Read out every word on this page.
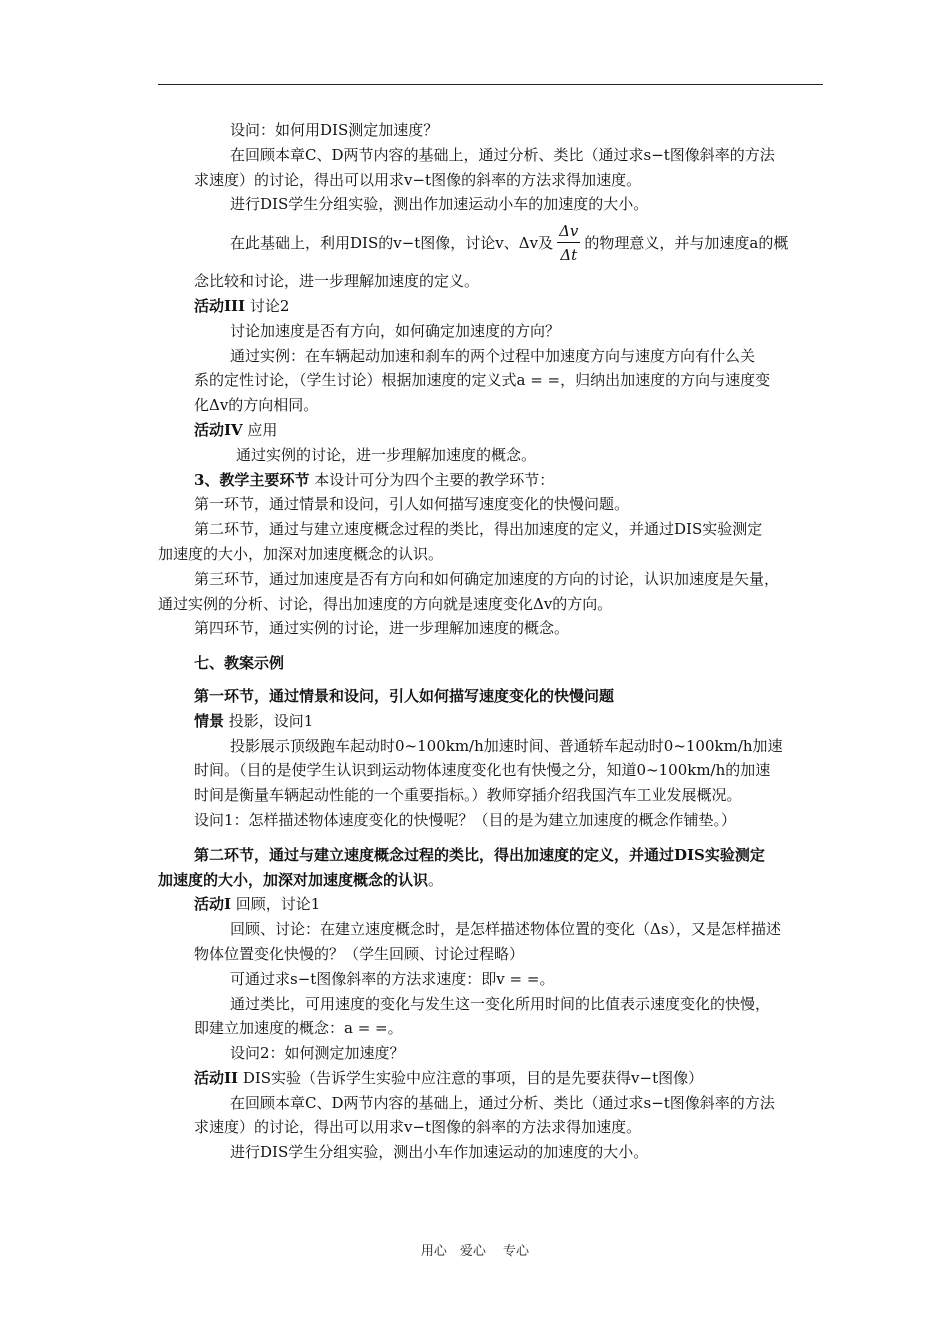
设问：如何用DIS测定加速度？

在回顾本章C、D两节内容的基础上，通过分析、类比（通过求s−t图像斜率的方法

求速度）的讨论，得出可以用求v−t图像的斜率的方法求得加速度。

进行DIS学生分组实验，测出作加速运动小车的加速度的大小。

在此基础上，利用DIS的v−t图像，讨论v、Δv及 $\frac{\Delta v}{\Delta t}$ 的物理意义，并与加速度a的概

念比较和讨论，进一步理解加速度的定义。

活动III 讨论2

讨论加速度是否有方向，如何确定加速度的方向？

通过实例：在车辆起动加速和刹车的两个过程中加速度方向与速度方向有什么关

系的定性讨论，（学生讨论）根据加速度的定义式a = =，归纳出加速度的方向与速度变

化Δv的方向相同。

活动IV 应用

通过实例的讨论，进一步理解加速度的概念。

3、教学主要环节 本设计可分为四个主要的教学环节：

第一环节，通过情景和设问，引人如何描写速度变化的快慢问题。

第二环节，通过与建立速度概念过程的类比，得出加速度的定义，并通过DIS实验测定

加速度的大小，加深对加速度概念的认识。

第三环节，通过加速度是否有方向和如何确定加速度的方向的讨论，认识加速度是矢量，

通过实例的分析、讨论，得出加速度的方向就是速度变化Δv的方向。

第四环节，通过实例的讨论，进一步理解加速度的概念。

七、教案示例

第一环节，通过情景和设问，引人如何描写速度变化的快慢问题

情景 投影，设问1

投影展示顶级跑车起动时0~100km/h加速时间、普通轿车起动时0~100km/h加速

时间。（目的是使学生认识到运动物体速度变化也有快慢之分，知道0~100km/h的加速

时间是衡量车辆起动性能的一个重要指标。）教师穿插介绍我国汽车工业发展概况。

设问1：怎样描述物体速度变化的快慢呢？（目的是为建立加速度的概念作铺垫。）

第二环节，通过与建立速度概念过程的类比，得出加速度的定义，并通过DIS实验测定

加速度的大小，加深对加速度概念的认识。

活动I 回顾，讨论1

回顾、讨论：在建立速度概念时，是怎样描述物体位置的变化（Δs），又是怎样描述

物体位置变化快慢的？（学生回顾、讨论过程略）

可通过求s−t图像斜率的方法求速度：即v = =。

通过类比，可用速度的变化与发生这一变化所用时间的比值表示速度变化的快慢，

即建立加速度的概念：a = =。

设问2：如何测定加速度？

活动II DIS实验（告诉学生实验中应注意的事项，目的是先要获得v−t图像）

在回顾本章C、D两节内容的基础上，通过分析、类比（通过求s−t图像斜率的方法

求速度）的讨论，得出可以用求v−t图像的斜率的方法求得加速度。

进行DIS学生分组实验，测出小车作加速运动的加速度的大小。

用心　爱心　 专心
